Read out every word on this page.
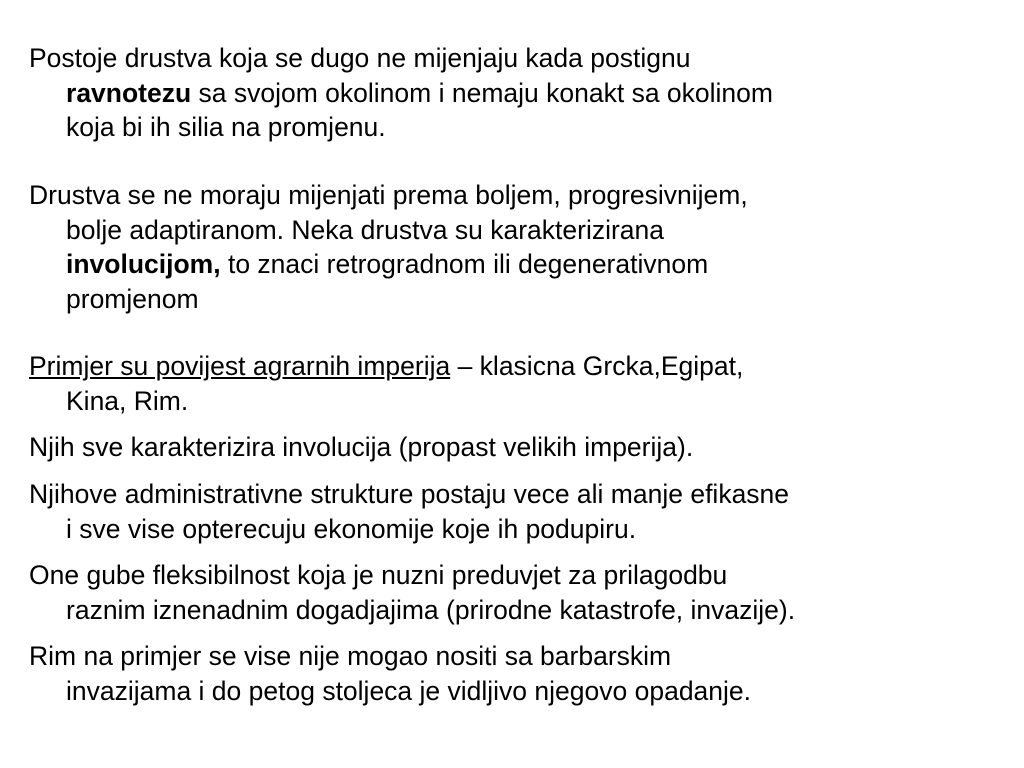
Postoje drustva koja se dugo ne mijenjaju kada postignu
ravnotezu sa svojom okolinom i nemaju konakt sa okolinom
koja bi ih silia na promjenu.

Drustva se ne moraju mijenjati prema boljem, progresivnijem,
bolje adaptiranom. Neka drustva su karakterizirana
involucijom, to znaci retrogradnom ili degenerativnom
promjenom

Primjer su povijest agrarnih imperija – klasicna Grcka,Egipat,
Kina, Rim.

Njih sve karakterizira involucija (propast velikih imperija).

Njihove administrativne strukture postaju vece ali manje efikasne
i sve vise opterecuju ekonomije koje ih podupiru.

One gube fleksibilnost koja je nuzni preduvjet za prilagodbu
raznim iznenadnim dogadjajima (prirodne katastrofe, invazije).

Rim na primjer se vise nije mogao nositi sa barbarskim
invazijama i do petog stoljeca je vidljivo njegovo opadanje.
